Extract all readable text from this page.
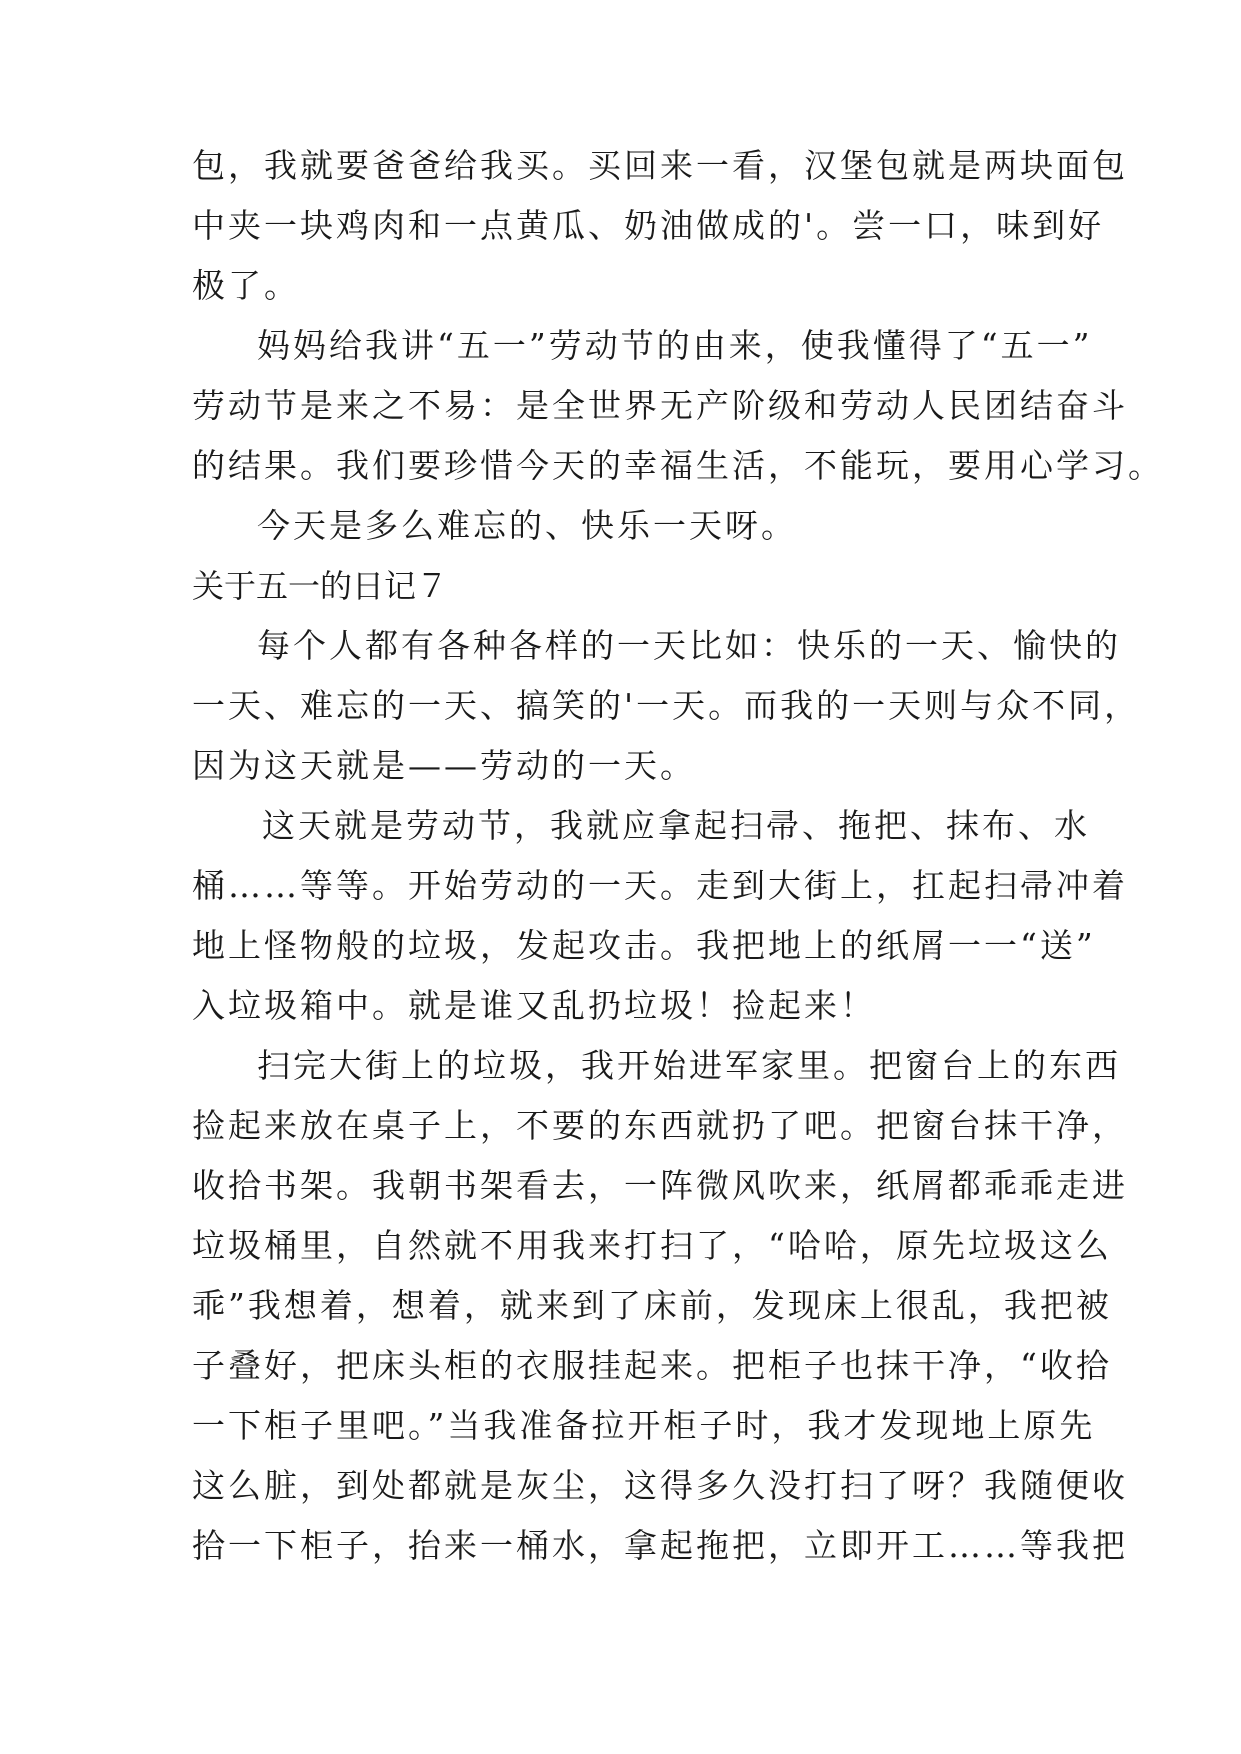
包，我就要爸爸给我买。买回来一看，汉堡包就是两块面包
中夹一块鸡肉和一点黄瓜、奶油做成的'。尝一口，味到好
极了。
妈妈给我讲“五一”劳动节的由来，使我懂得了“五一”
劳动节是来之不易：是全世界无产阶级和劳动人民团结奋斗
的结果。我们要珍惜今天的幸福生活，不能玩，要用心学习。
今天是多么难忘的、快乐一天呀。
关于五一的日记７
每个人都有各种各样的一天比如：快乐的一天、愉快的
一天、难忘的一天、搞笑的'一天。而我的一天则与众不同，
因为这天就是——劳动的一天。
这天就是劳动节，我就应拿起扫帚、拖把、抹布、水
桶……等等。开始劳动的一天。走到大街上，扛起扫帚冲着
地上怪物般的垃圾，发起攻击。我把地上的纸屑一一“送”
入垃圾箱中。就是谁又乱扔垃圾！捡起来！
扫完大街上的垃圾，我开始进军家里。把窗台上的东西
捡起来放在桌子上，不要的东西就扔了吧。把窗台抹干净，
收拾书架。我朝书架看去，一阵微风吹来，纸屑都乖乖走进
垃圾桶里，自然就不用我来打扫了，“哈哈，原先垃圾这么
乖”我想着，想着，就来到了床前，发现床上很乱，我把被
子叠好，把床头柜的衣服挂起来。把柜子也抹干净，“收拾
一下柜子里吧。”当我准备拉开柜子时，我才发现地上原先
这么脏，到处都就是灰尘，这得多久没打扫了呀？我随便收
拾一下柜子，抬来一桶水，拿起拖把，立即开工……等我把
